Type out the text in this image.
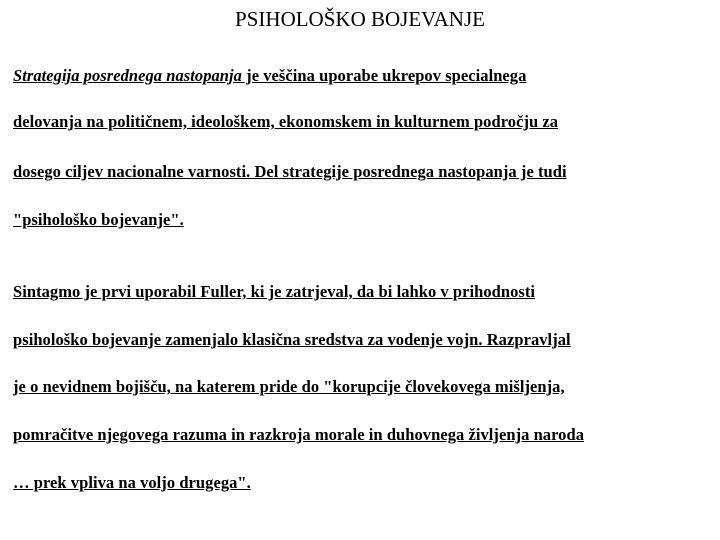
PSIHOLOŠKO BOJEVANJE
Strategija posrednega nastopanja je veščina uporabe ukrepov specialnega
delovanja na političnem, ideološkem, ekonomskem in kulturnem področju za
dosego ciljev nacionalne varnosti. Del strategije posrednega nastopanja je tudi
"psihološko bojevanje".
Sintagmo je prvi uporabil Fuller, ki je zatrjeval, da bi lahko v prihodnosti
psihološko bojevanje zamenjalo klasična sredstva za vodenje vojn. Razpravljal
je o nevidnem bojišču, na katerem pride do "korupcije človekovega mišljenja,
pomračitve njegovega razuma in razkroja morale in duhovnega življenja naroda
… prek vpliva na voljo drugega".
